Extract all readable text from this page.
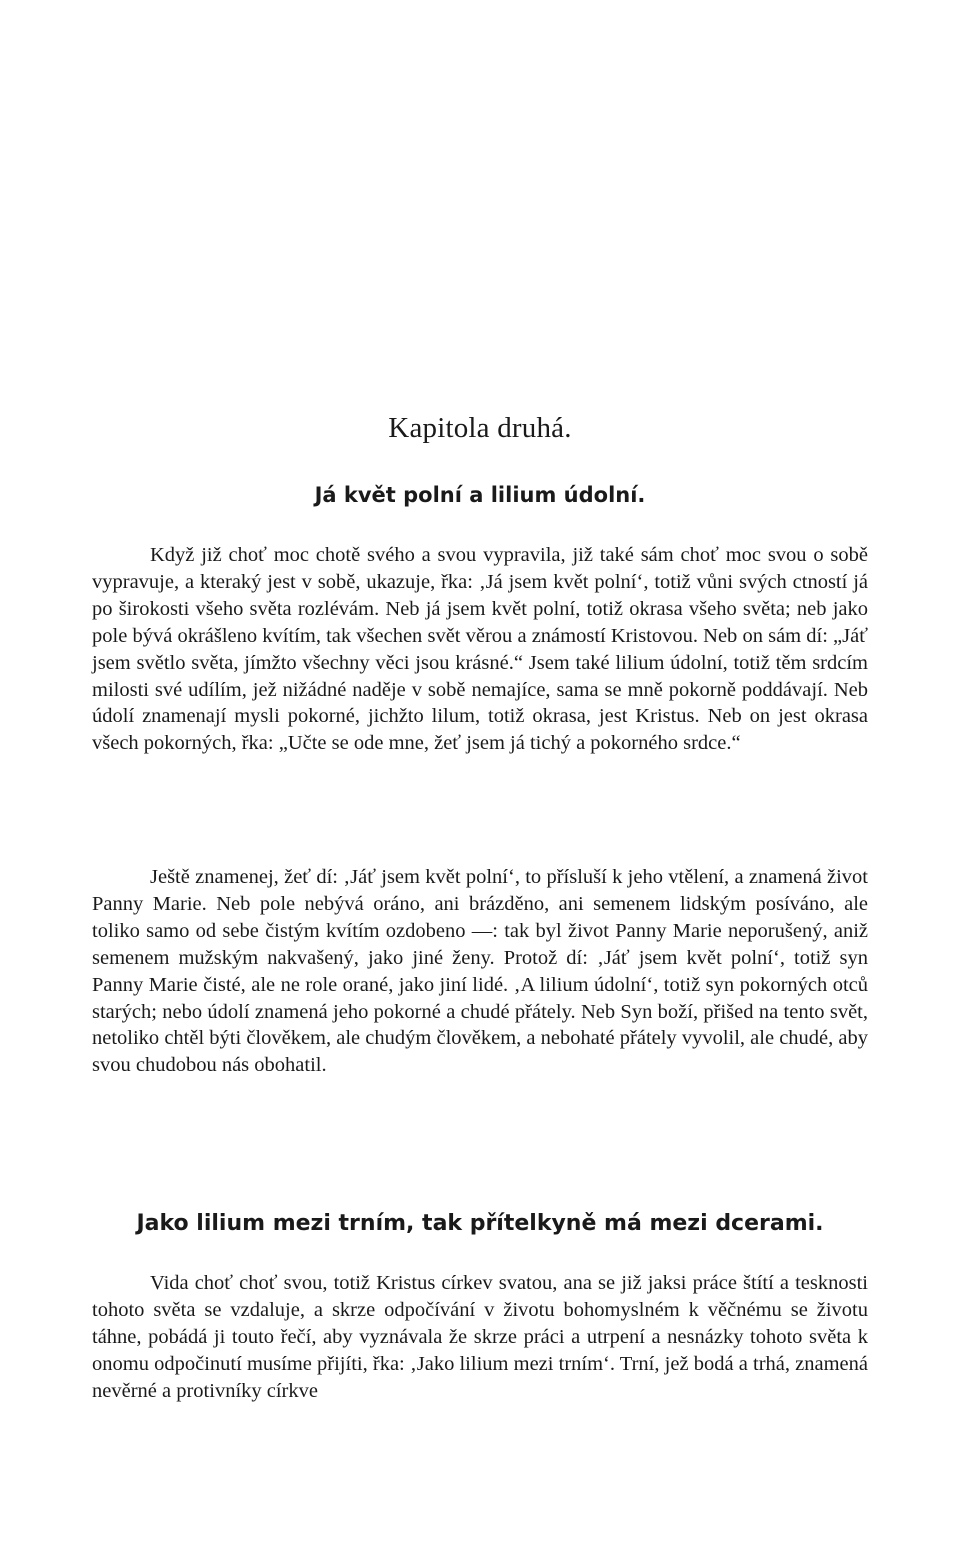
Kapitola druhá.
Já květ polní a lilium údolní.

Když již choť moc chotě svého a svou vypravila, již také sám choť moc svou o sobě vypravuje, a kteraký jest v sobě, ukazuje, řka: ‚Já jsem květ polní‘, totiž vůni svých ctností já po širokosti všeho světa rozlévám. Neb já jsem květ polní, totiž okrasa všeho světa; neb jako pole bývá okrášleno kvítím, tak všechen svět věrou a známostí Kristovou. Neb on sám dí: „Jáť jsem světlo světa, jímžto všechny věci jsou krásné.“ Jsem také lilium údolní, totiž těm srdcím milosti své udílím, jež nižádné naděje v sobě nemajíce, sama se mně pokorně poddávají. Neb údolí znamenají mysli pokorné, jichžto lilum, totiž okrasa, jest Kristus. Neb on jest okrasa všech pokorných, řka: „Učte se ode mne, žeť jsem já tichý a pokorného srdce.“

Ještě znamenej, žeť dí: ‚Jáť jsem květ polní‘, to přísluší k jeho vtělení, a znamená život Panny Marie. Neb pole nebývá oráno, ani brázděno, ani semenem lidským posíváno, ale toliko samo od sebe čistým kvítím ozdobeno —: tak byl život Panny Marie neporušený, aniž semenem mužským nakvašený, jako jiné ženy. Protož dí: ‚Jáť jsem květ polní‘, totiž syn Panny Marie čisté, ale ne role orané, jako jiní lidé. ‚A lilium údolní‘, totiž syn pokorných otců starých; nebo údolí znamená jeho pokorné a chudé přátely. Neb Syn boží, přišed na tento svět, netoliko chtěl býti člověkem, ale chudým člověkem, a nebohaté přátely vyvolil, ale chudé, aby svou chudobou nás obohatil.

Jako lilium mezi trním, tak přítelkyně má mezi dcerami.

Vida choť choť svou, totiž Kristus církev svatou, ana se již jaksi práce štítí a tesknosti tohoto světa se vzdaluje, a skrze odpočívání v životu bohomyslném k věčnému se životu táhne, pobádá ji touto řečí, aby vyznávala že skrze práci a utrpení a nesnázky tohoto světa k onomu odpočinutí musíme přijíti, řka: ‚Jako lilium mezi trním‘. Trní, jež bodá a trhá, znamená nevěrné a protivníky církve
